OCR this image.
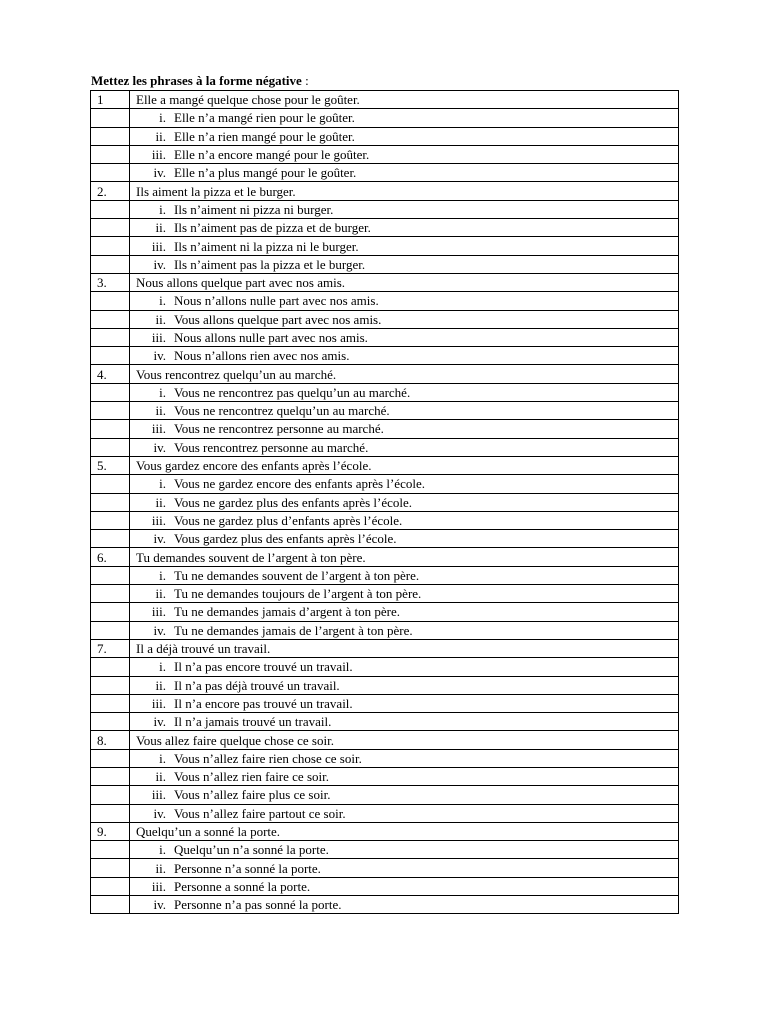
Mettez les phrases à la forme négative :
1	Elle a mangé quelque chose pour le goûter.

	i. Elle n’a mangé rien pour le goûter.

	ii. Elle n’a rien mangé pour le goûter.

	iii. Elle n’a encore mangé pour le goûter.

	iv. Elle n’a plus mangé pour le goûter.

2.	Ils aiment la pizza et le burger.

	i. Ils n’aiment ni pizza ni burger.

	ii. Ils n’aiment pas de pizza et de burger.

	iii. Ils n’aiment ni la pizza ni le burger.

	iv. Ils n’aiment pas la pizza et le burger.

3.	Nous allons quelque part avec nos amis.

	i. Nous n’allons nulle part avec nos amis.

	ii. Vous allons quelque part avec nos amis.

	iii. Nous allons nulle part avec nos amis.

	iv. Nous n’allons rien avec nos amis.

4.	Vous rencontrez quelqu’un au marché.

	i. Vous ne rencontrez pas quelqu’un au marché.

	ii. Vous ne rencontrez quelqu’un au marché.

	iii. Vous ne rencontrez personne au marché.

	iv. Vous rencontrez personne au marché.

5.	Vous gardez encore des enfants après l’école.

	i. Vous ne gardez encore des enfants après l’école.

	ii. Vous ne gardez plus des enfants après l’école.

	iii. Vous ne gardez plus d’enfants après l’école.

	iv. Vous gardez plus des enfants après l’école.

6.	Tu demandes souvent de l’argent à ton père.

	i. Tu ne demandes souvent de l’argent à ton père.

	ii. Tu ne demandes toujours de l’argent à ton père.

	iii. Tu ne demandes jamais d’argent à ton père.

	iv. Tu ne demandes jamais de l’argent à ton père.

7.	Il a déjà trouvé un travail.

	i. Il n’a pas encore trouvé un travail.

	ii. Il n’a pas déjà trouvé un travail.

	iii. Il n’a encore pas trouvé un travail.

	iv. Il n’a jamais trouvé un travail.

8.	Vous allez faire quelque chose ce soir.

	i. Vous n’allez faire rien chose ce soir.

	ii. Vous n’allez rien faire ce soir.

	iii. Vous n’allez faire plus ce soir.

	iv. Vous n’allez faire partout ce soir.

9.	Quelqu’un a sonné la porte.

	i. Quelqu’un n’a sonné la porte.

	ii. Personne n’a sonné la porte.

	iii. Personne a sonné la porte.

	iv. Personne n’a pas sonné la porte.
